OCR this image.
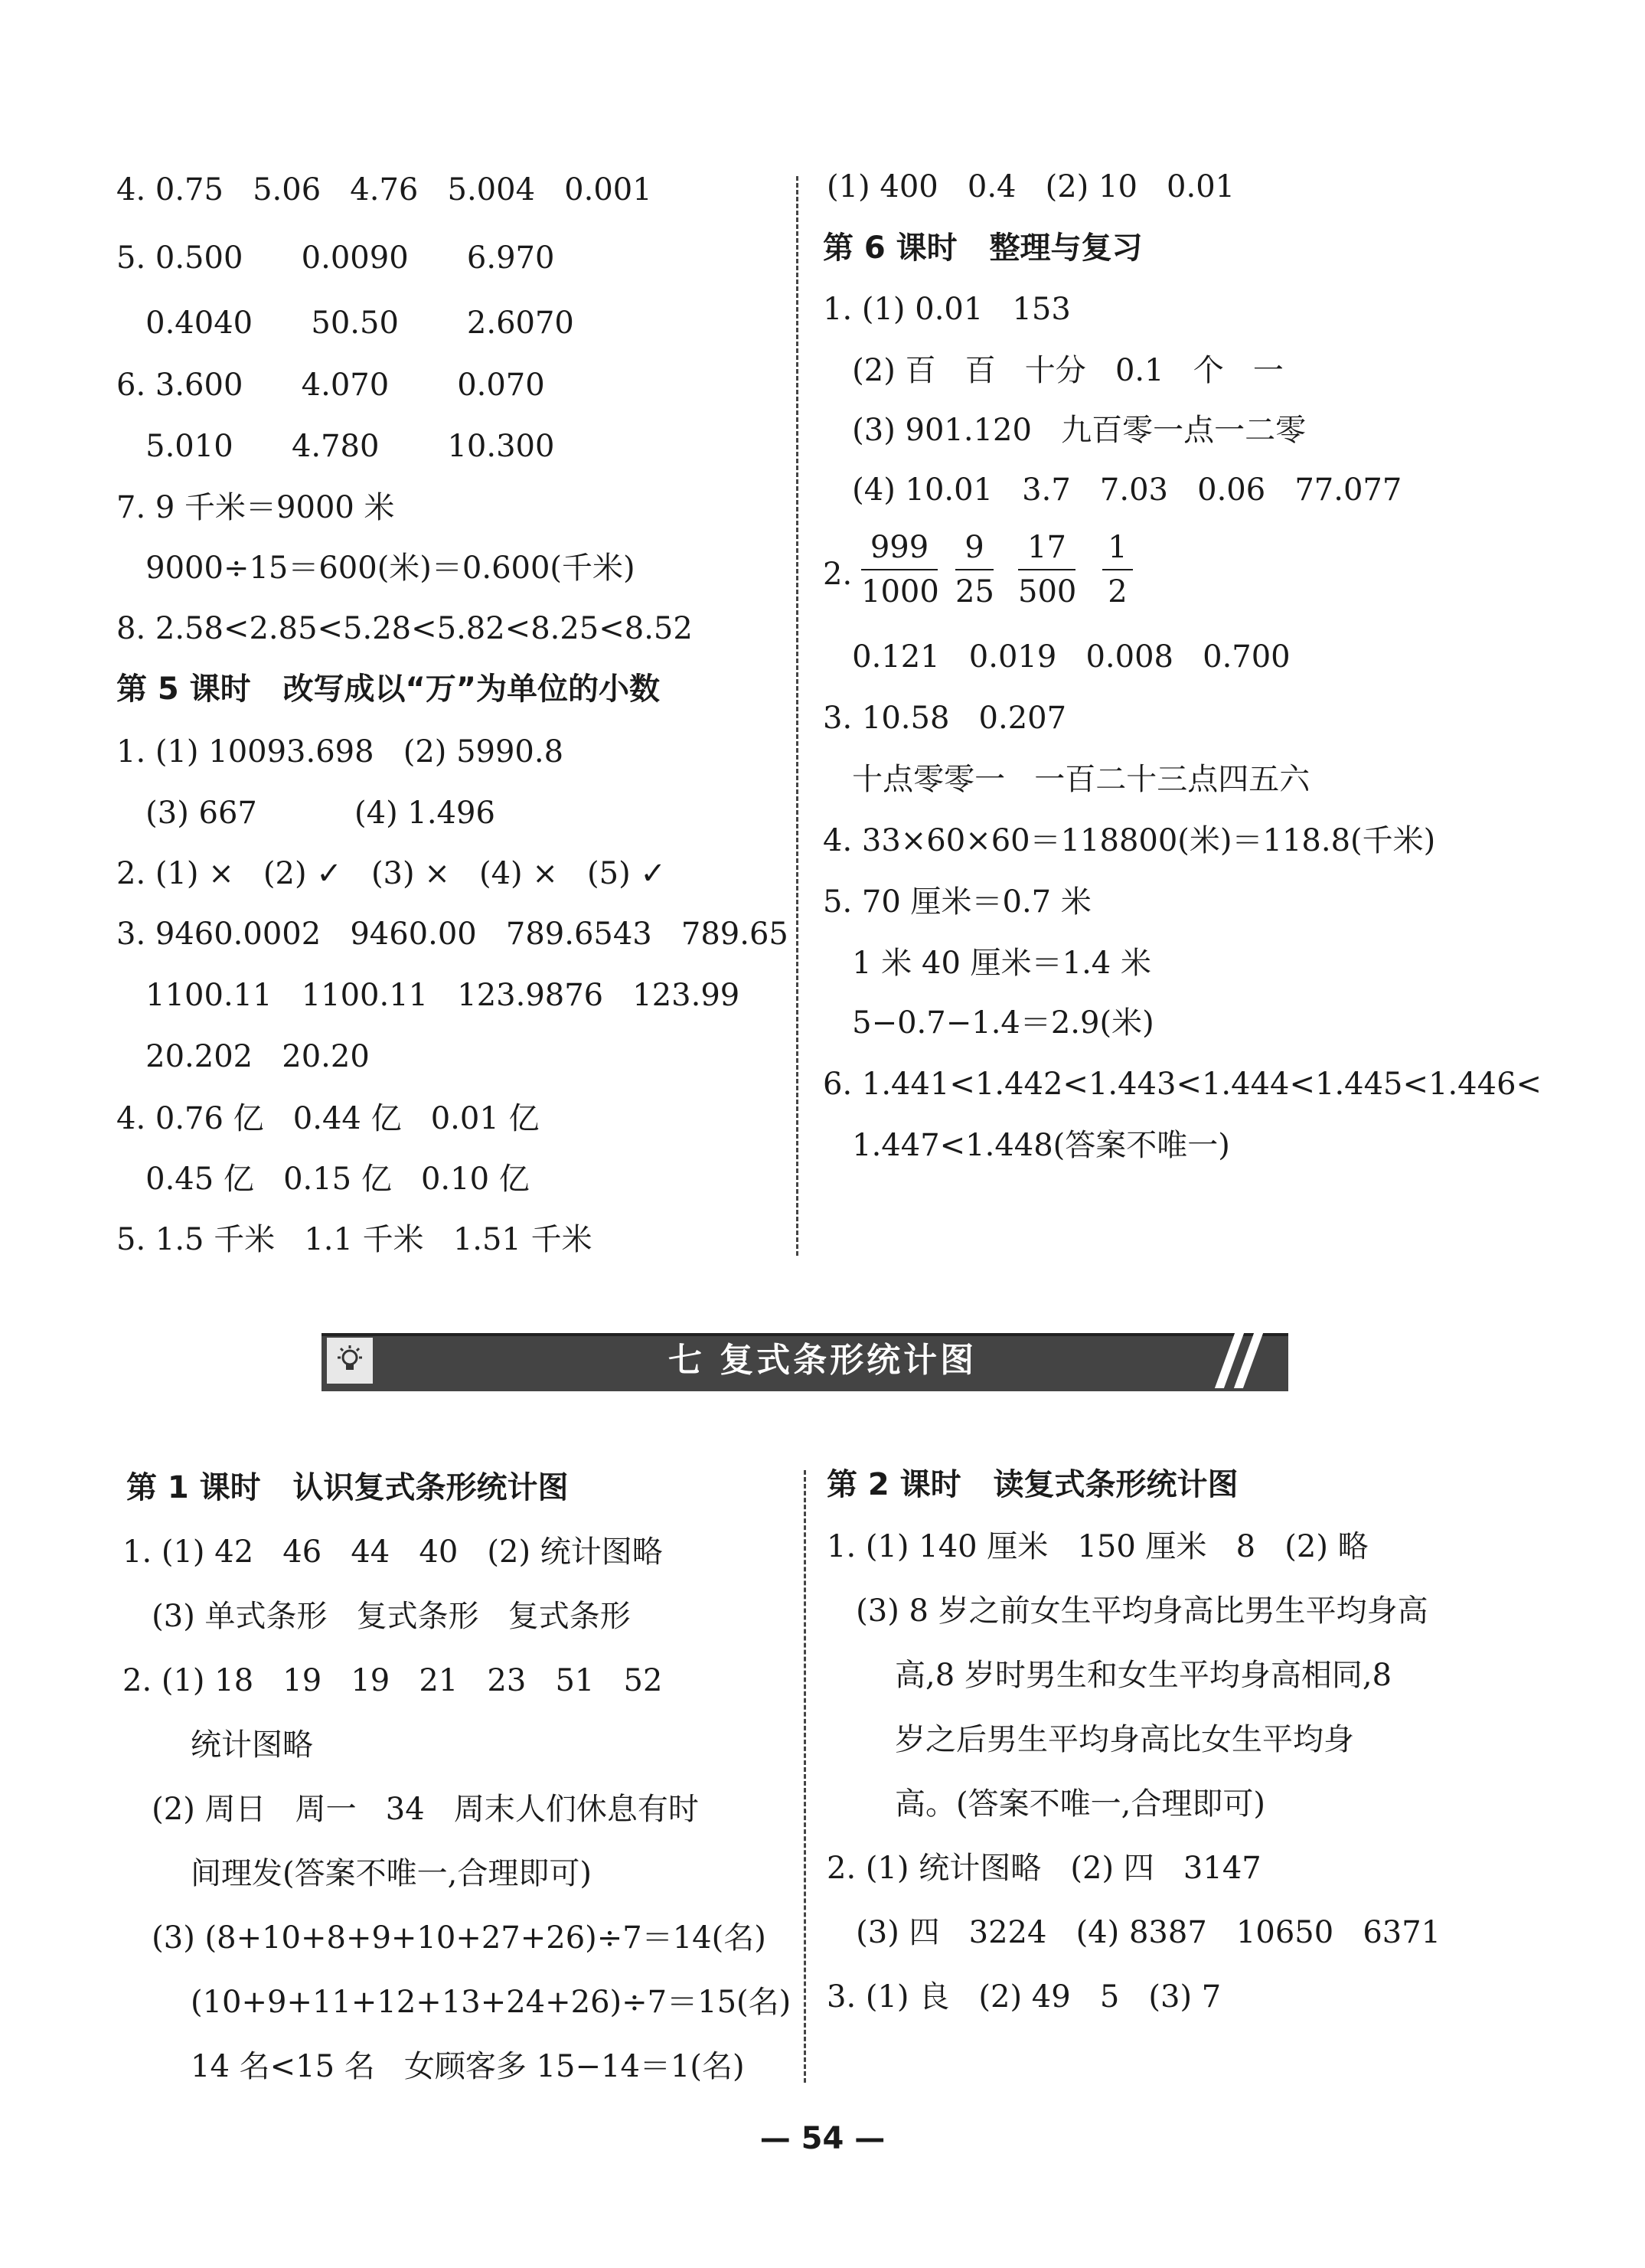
4. 0.75   5.06   4.76   5.004   0.001
5. 0.500      0.0090      6.970
0.4040      50.50       2.6070
6. 3.600      4.070       0.070
5.010      4.780       10.300
7. 9 千米＝9000 米
9000÷15＝600(米)＝0.600(千米)
8. 2.58<2.85<5.28<5.82<8.25<8.52
第 5 课时   改写成以“万”为单位的小数
1. (1) 10093.698   (2) 5990.8
(3) 667          (4) 1.496
2. (1) ×   (2) ✓   (3) ×   (4) ×   (5) ✓
3. 9460.0002   9460.00   789.6543   789.65
1100.11   1100.11   123.9876   123.99
20.202   20.20
4. 0.76 亿   0.44 亿   0.01 亿
0.45 亿   0.15 亿   0.10 亿
5. 1.5 千米   1.1 千米   1.51 千米
(1) 400   0.4   (2) 10   0.01
第 6 课时   整理与复习
1. (1) 0.01   153
(2) 百   百   十分   0.1   个   一
(3) 901.120   九百零一点一二零
(4) 10.01   3.7   7.03   0.06   77.077
2.
999
1000
9
25
17
500
1
2
0.121   0.019   0.008   0.700
3. 10.58   0.207
十点零零一   一百二十三点四五六
4. 33×60×60＝118800(米)＝118.8(千米)
5. 70 厘米＝0.7 米
1 米 40 厘米＝1.4 米
5−0.7−1.4＝2.9(米)
6. 1.441<1.442<1.443<1.444<1.445<1.446<
1.447<1.448(答案不唯一)
七 复式条形统计图
第 1 课时   认识复式条形统计图
1. (1) 42   46   44   40   (2) 统计图略
(3) 单式条形   复式条形   复式条形
2. (1) 18   19   19   21   23   51   52
统计图略
(2) 周日   周一   34   周末人们休息有时
间理发(答案不唯一,合理即可)
(3) (8+10+8+9+10+27+26)÷7＝14(名)
(10+9+11+12+13+24+26)÷7＝15(名)
14 名<15 名   女顾客多 15−14＝1(名)
第 2 课时   读复式条形统计图
1. (1) 140 厘米   150 厘米   8   (2) 略
(3) 8 岁之前女生平均身高比男生平均身高
高,8 岁时男生和女生平均身高相同,8
岁之后男生平均身高比女生平均身
高。(答案不唯一,合理即可)
2. (1) 统计图略   (2) 四   3147
(3) 四   3224   (4) 8387   10650   6371
3. (1) 良   (2) 49   5   (3) 7
— 54 —
